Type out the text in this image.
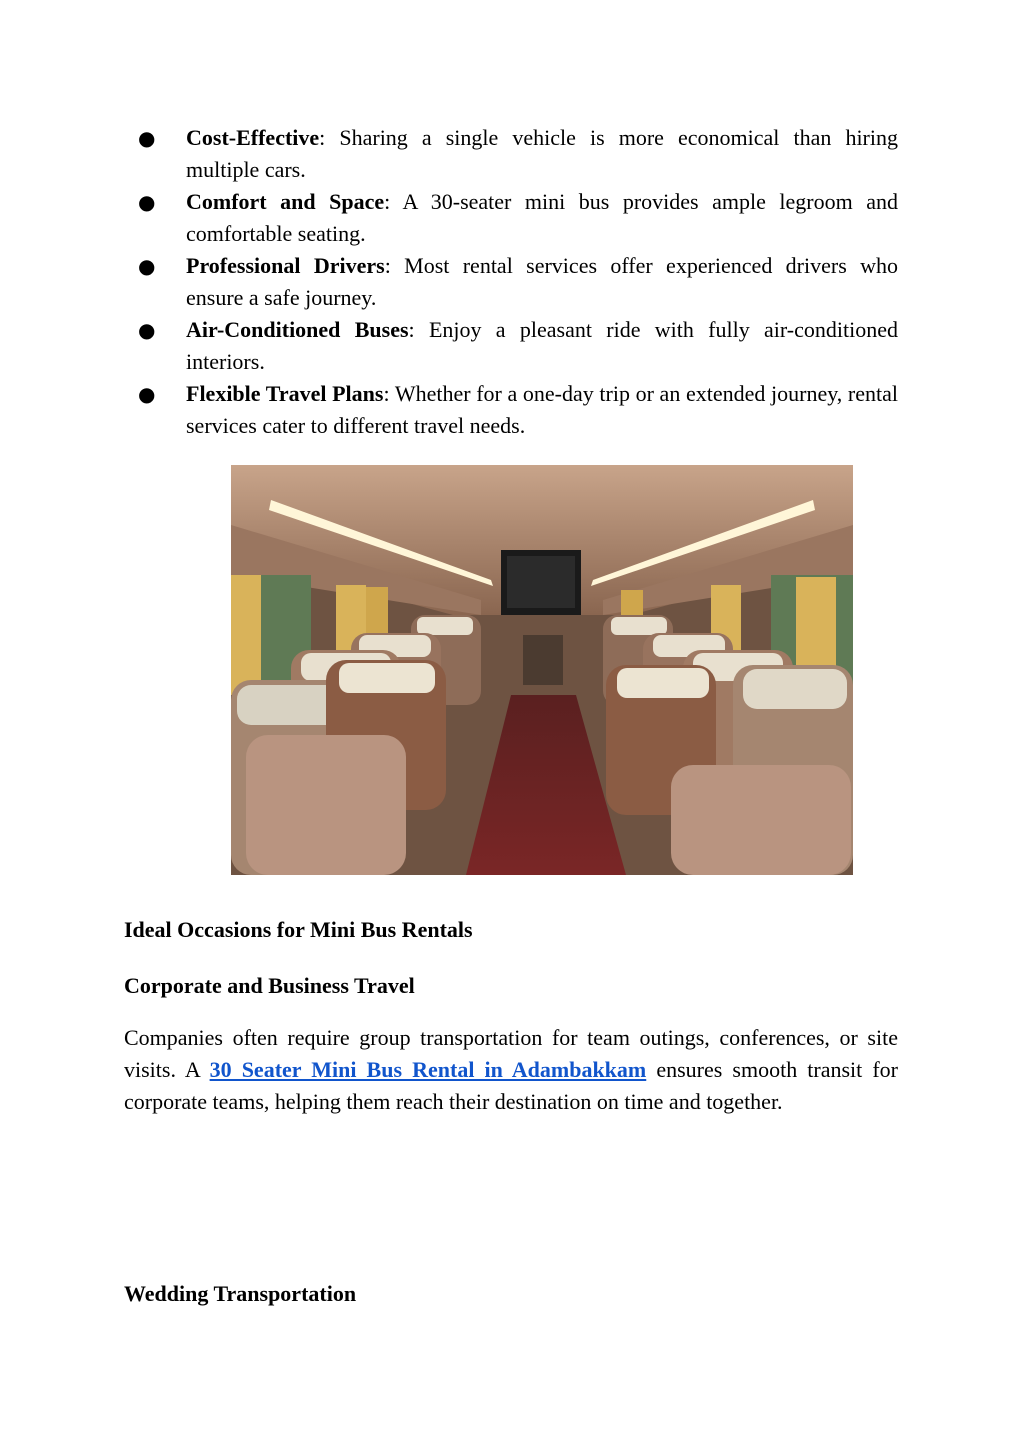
● Cost-Effective: Sharing a single vehicle is more economical than hiring multiple cars.
● Comfort and Space: A 30-seater mini bus provides ample legroom and comfortable seating.
● Professional Drivers: Most rental services offer experienced drivers who ensure a safe journey.
● Air-Conditioned Buses: Enjoy a pleasant ride with fully air-conditioned interiors.
● Flexible Travel Plans: Whether for a one-day trip or an extended journey, rental services cater to different travel needs.
Ideal Occasions for Mini Bus Rentals
Corporate and Business Travel

Companies often require group transportation for team outings, conferences, or site visits. A 30 Seater Mini Bus Rental in Adambakkam ensures smooth transit for corporate teams, helping them reach their destination on time and together.

Wedding Transportation
